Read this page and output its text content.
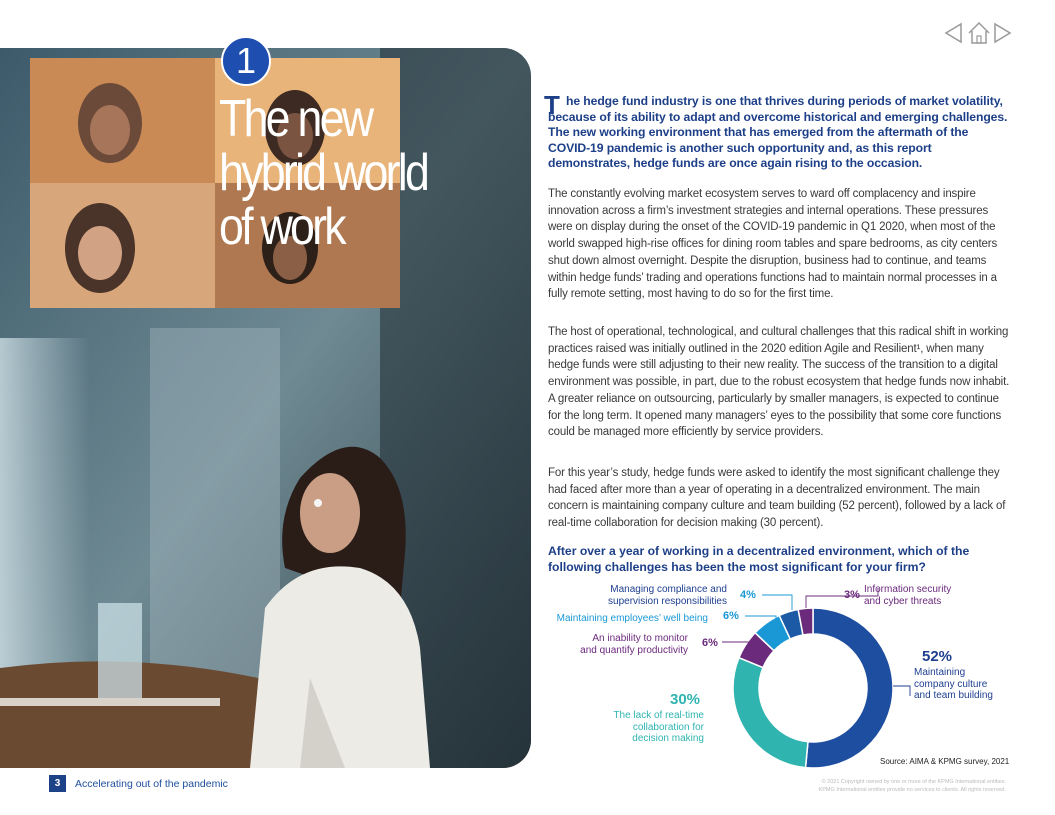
1
The new hybrid world of work
T he hedge fund industry is one that thrives during periods of market volatility, because of its ability to adapt and overcome historical and emerging challenges. The new working environment that has emerged from the aftermath of the COVID-19 pandemic is another such opportunity and, as this report demonstrates, hedge funds are once again rising to the occasion.
The constantly evolving market ecosystem serves to ward off complacency and inspire innovation across a firm’s investment strategies and internal operations. These pressures were on display during the onset of the COVID-19 pandemic in Q1 2020, when most of the world swapped high-rise offices for dining room tables and spare bedrooms, as city centers shut down almost overnight. Despite the disruption, business had to continue, and teams within hedge funds’ trading and operations functions had to maintain normal processes in a fully remote setting, most having to do so for the first time.
The host of operational, technological, and cultural challenges that this radical shift in working practices raised was initially outlined in the 2020 edition Agile and Resilient¹, when many hedge funds were still adjusting to their new reality. The success of the transition to a digital environment was possible, in part, due to the robust ecosystem that hedge funds now inhabit. A greater reliance on outsourcing, particularly by smaller managers, is expected to continue for the long term. It opened many managers’ eyes to the possibility that some core functions could be managed more efficiently by service providers.
For this year’s study, hedge funds were asked to identify the most significant challenge they had faced after more than a year of operating in a decentralized environment. The main concern is maintaining company culture and team building (52 percent), followed by a lack of real-time collaboration for decision making (30 percent).
After over a year of working in a decentralized environment, which of the following challenges has been the most significant for your firm?
52%
Maintaining
company culture
and team building
30%
The lack of real-time
collaboration for
decision making
An inability to monitor
and quantify productivity
6%
Maintaining employees’ well being 6%
Managing compliance and
supervision responsibilities 4%	3% Information security
and cyber threats
Source: AIMA & KPMG survey, 2021
3	Accelerating out of the pandemic	© 2021 Copyright owned by one or more of the KPMG International entities.
KPMG International entities provide no services to clients. All rights reserved.
